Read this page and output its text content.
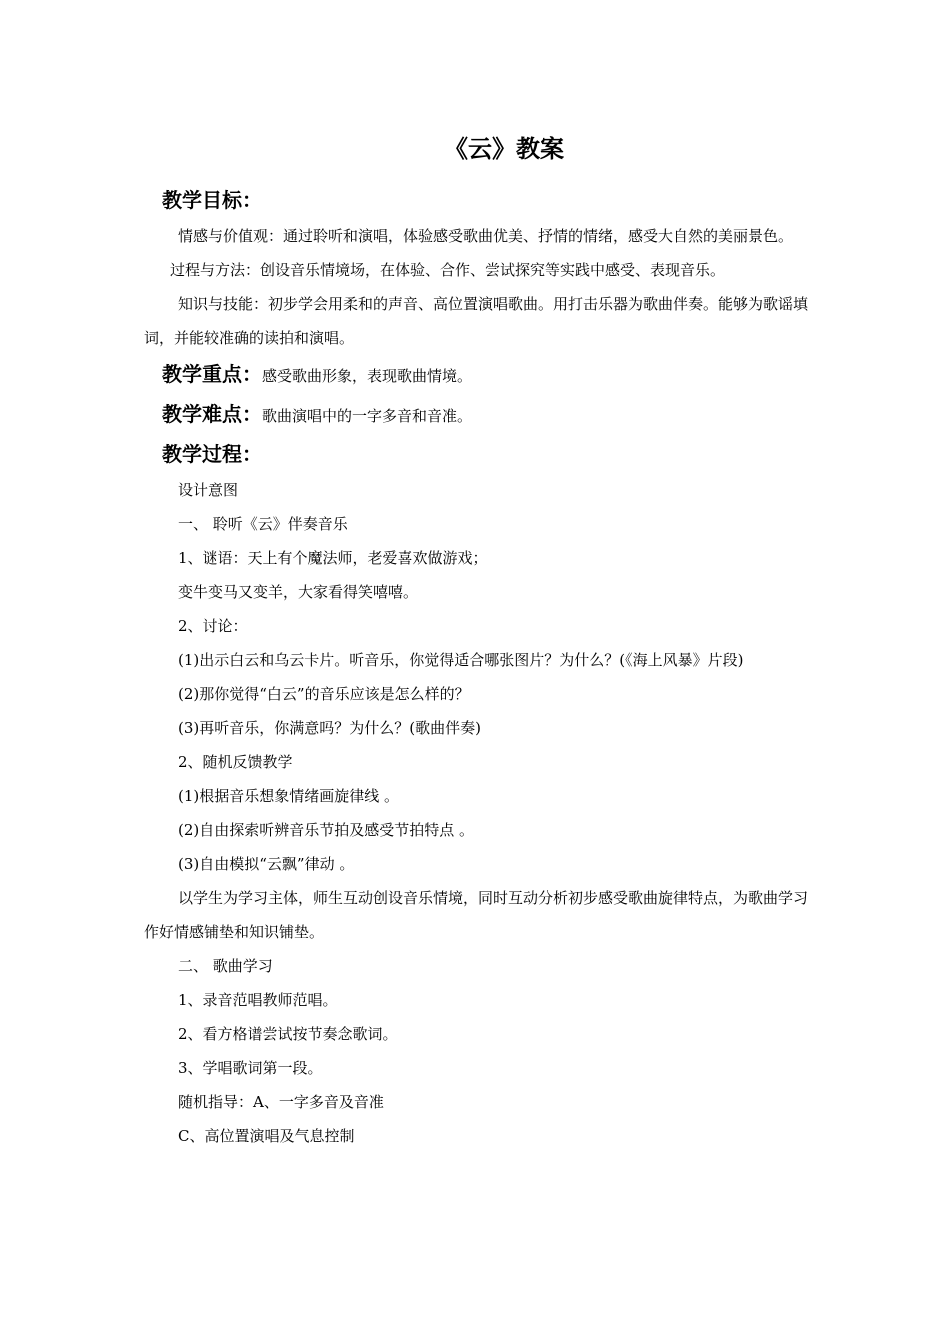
《云》教案
教学目标：
情感与价值观：通过聆听和演唱，体验感受歌曲优美、抒情的情绪，感受大自然的美丽景色。
过程与方法：创设音乐情境场，在体验、合作、尝试探究等实践中感受、表现音乐。
知识与技能：初步学会用柔和的声音、高位置演唱歌曲。用打击乐器为歌曲伴奏。能够为歌谣填词，并能较准确的读拍和演唱。
教学重点：感受歌曲形象，表现歌曲情境。
教学难点：歌曲演唱中的一字多音和音准。
教学过程：
设计意图
一、 聆听《云》伴奏音乐
1、谜语：天上有个魔法师，老爱喜欢做游戏；
变牛变马又变羊，大家看得笑嘻嘻。
2、讨论：
(1)出示白云和乌云卡片。听音乐，你觉得适合哪张图片？为什么？(《海上风暴》片段)
(2)那你觉得“白云”的音乐应该是怎么样的？
(3)再听音乐，你满意吗？为什么？(歌曲伴奏)
2、随机反馈教学
(1)根据音乐想象情绪画旋律线 。
(2)自由探索听辨音乐节拍及感受节拍特点 。
(3)自由模拟“云飘”律动 。
以学生为学习主体，师生互动创设音乐情境，同时互动分析初步感受歌曲旋律特点，为歌曲学习作好情感铺垫和知识铺垫。
二、 歌曲学习
1、录音范唱教师范唱。
2、看方格谱尝试按节奏念歌词。
3、学唱歌词第一段。
随机指导：A、一字多音及音准
C、高位置演唱及气息控制
